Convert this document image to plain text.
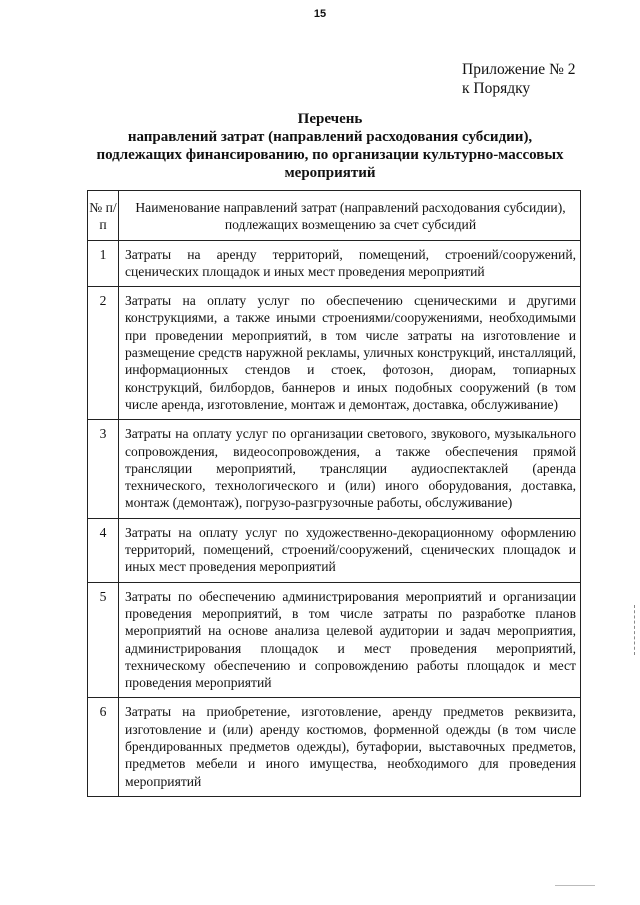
15
Приложение № 2
к Порядку
Перечень
направлений затрат (направлений расходования субсидии),
подлежащих финансированию, по организации культурно-массовых
мероприятий
№ п/п	Наименование направлений затрат (направлений расходования субсидии), подлежащих возмещению за счет субсидий
1	Затраты на аренду территорий, помещений, строений/сооружений, сценических площадок и иных мест проведения мероприятий
2	Затраты на оплату услуг по обеспечению сценическими и другими конструкциями, а также иными строениями/сооружениями, необходимыми при проведении мероприятий, в том числе затраты на изготовление и размещение средств наружной рекламы, уличных конструкций, инсталляций, информационных стендов и стоек, фотозон, диорам, топиарных конструкций, билбордов, баннеров и иных подобных сооружений (в том числе аренда, изготовление, монтаж и демонтаж, доставка, обслуживание)
3	Затраты на оплату услуг по организации светового, звукового, музыкального сопровождения, видеосопровождения, а также обеспечения прямой трансляции мероприятий, трансляции аудиоспектаклей (аренда технического, технологического и (или) иного оборудования, доставка, монтаж (демонтаж), погрузо-разгрузочные работы, обслуживание)
4	Затраты на оплату услуг по художественно-декорационному оформлению территорий, помещений, строений/сооружений, сценических площадок и иных мест проведения мероприятий
5	Затраты по обеспечению администрирования мероприятий и организации проведения мероприятий, в том числе затраты по разработке планов мероприятий на основе анализа целевой аудитории и задач мероприятия, администрирования площадок и мест проведения мероприятий, техническому обеспечению и сопровождению работы площадок и мест проведения мероприятий
6	Затраты на приобретение, изготовление, аренду предметов реквизита, изготовление и (или) аренду костюмов, форменной одежды (в том числе брендированных предметов одежды), бутафории, выставочных предметов, предметов мебели и иного имущества, необходимого для проведения мероприятий
